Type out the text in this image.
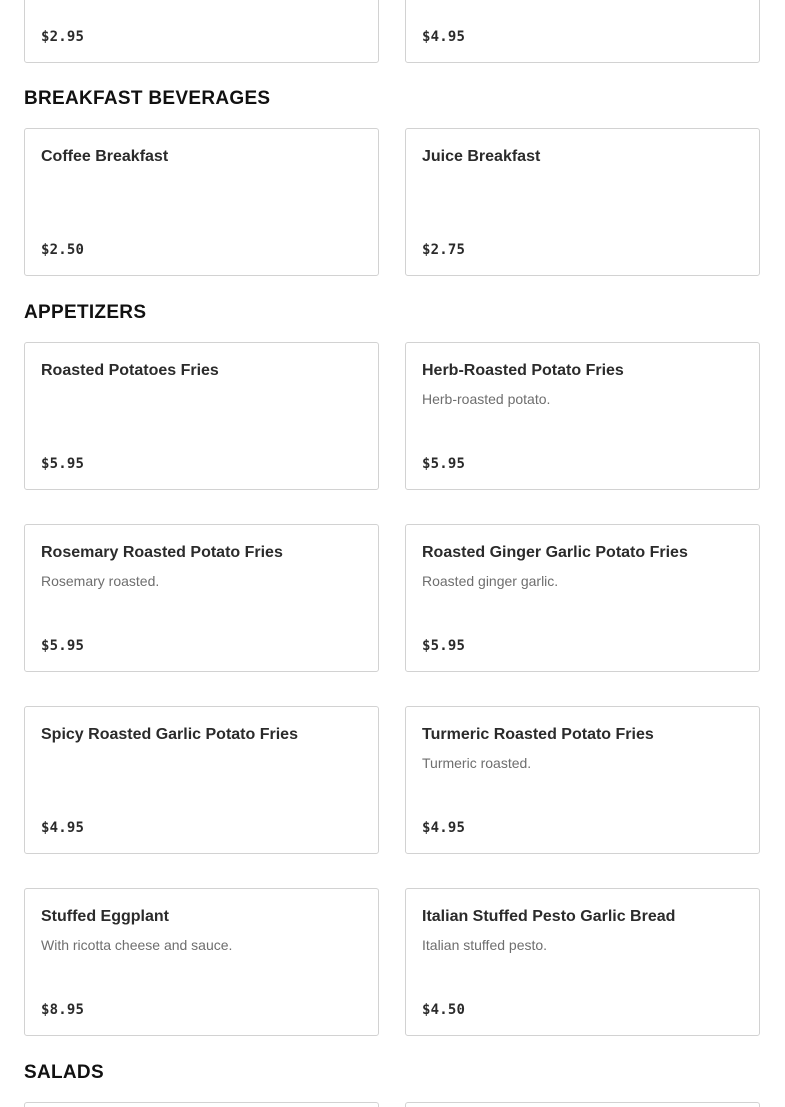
$2.95	$4.95
BREAKFAST BEVERAGES
Coffee Breakfast
$2.50
Juice Breakfast
$2.75
APPETIZERS
Roasted Potatoes Fries
$5.95
Herb-Roasted Potato Fries
Herb-roasted potato.
$5.95
Rosemary Roasted Potato Fries
Rosemary roasted.
$5.95
Roasted Ginger Garlic Potato Fries
Roasted ginger garlic.
$5.95
Spicy Roasted Garlic Potato Fries
$4.95
Turmeric Roasted Potato Fries
Turmeric roasted.
$4.95
Stuffed Eggplant
With ricotta cheese and sauce.
$8.95
Italian Stuffed Pesto Garlic Bread
Italian stuffed pesto.
$4.50
SALADS
